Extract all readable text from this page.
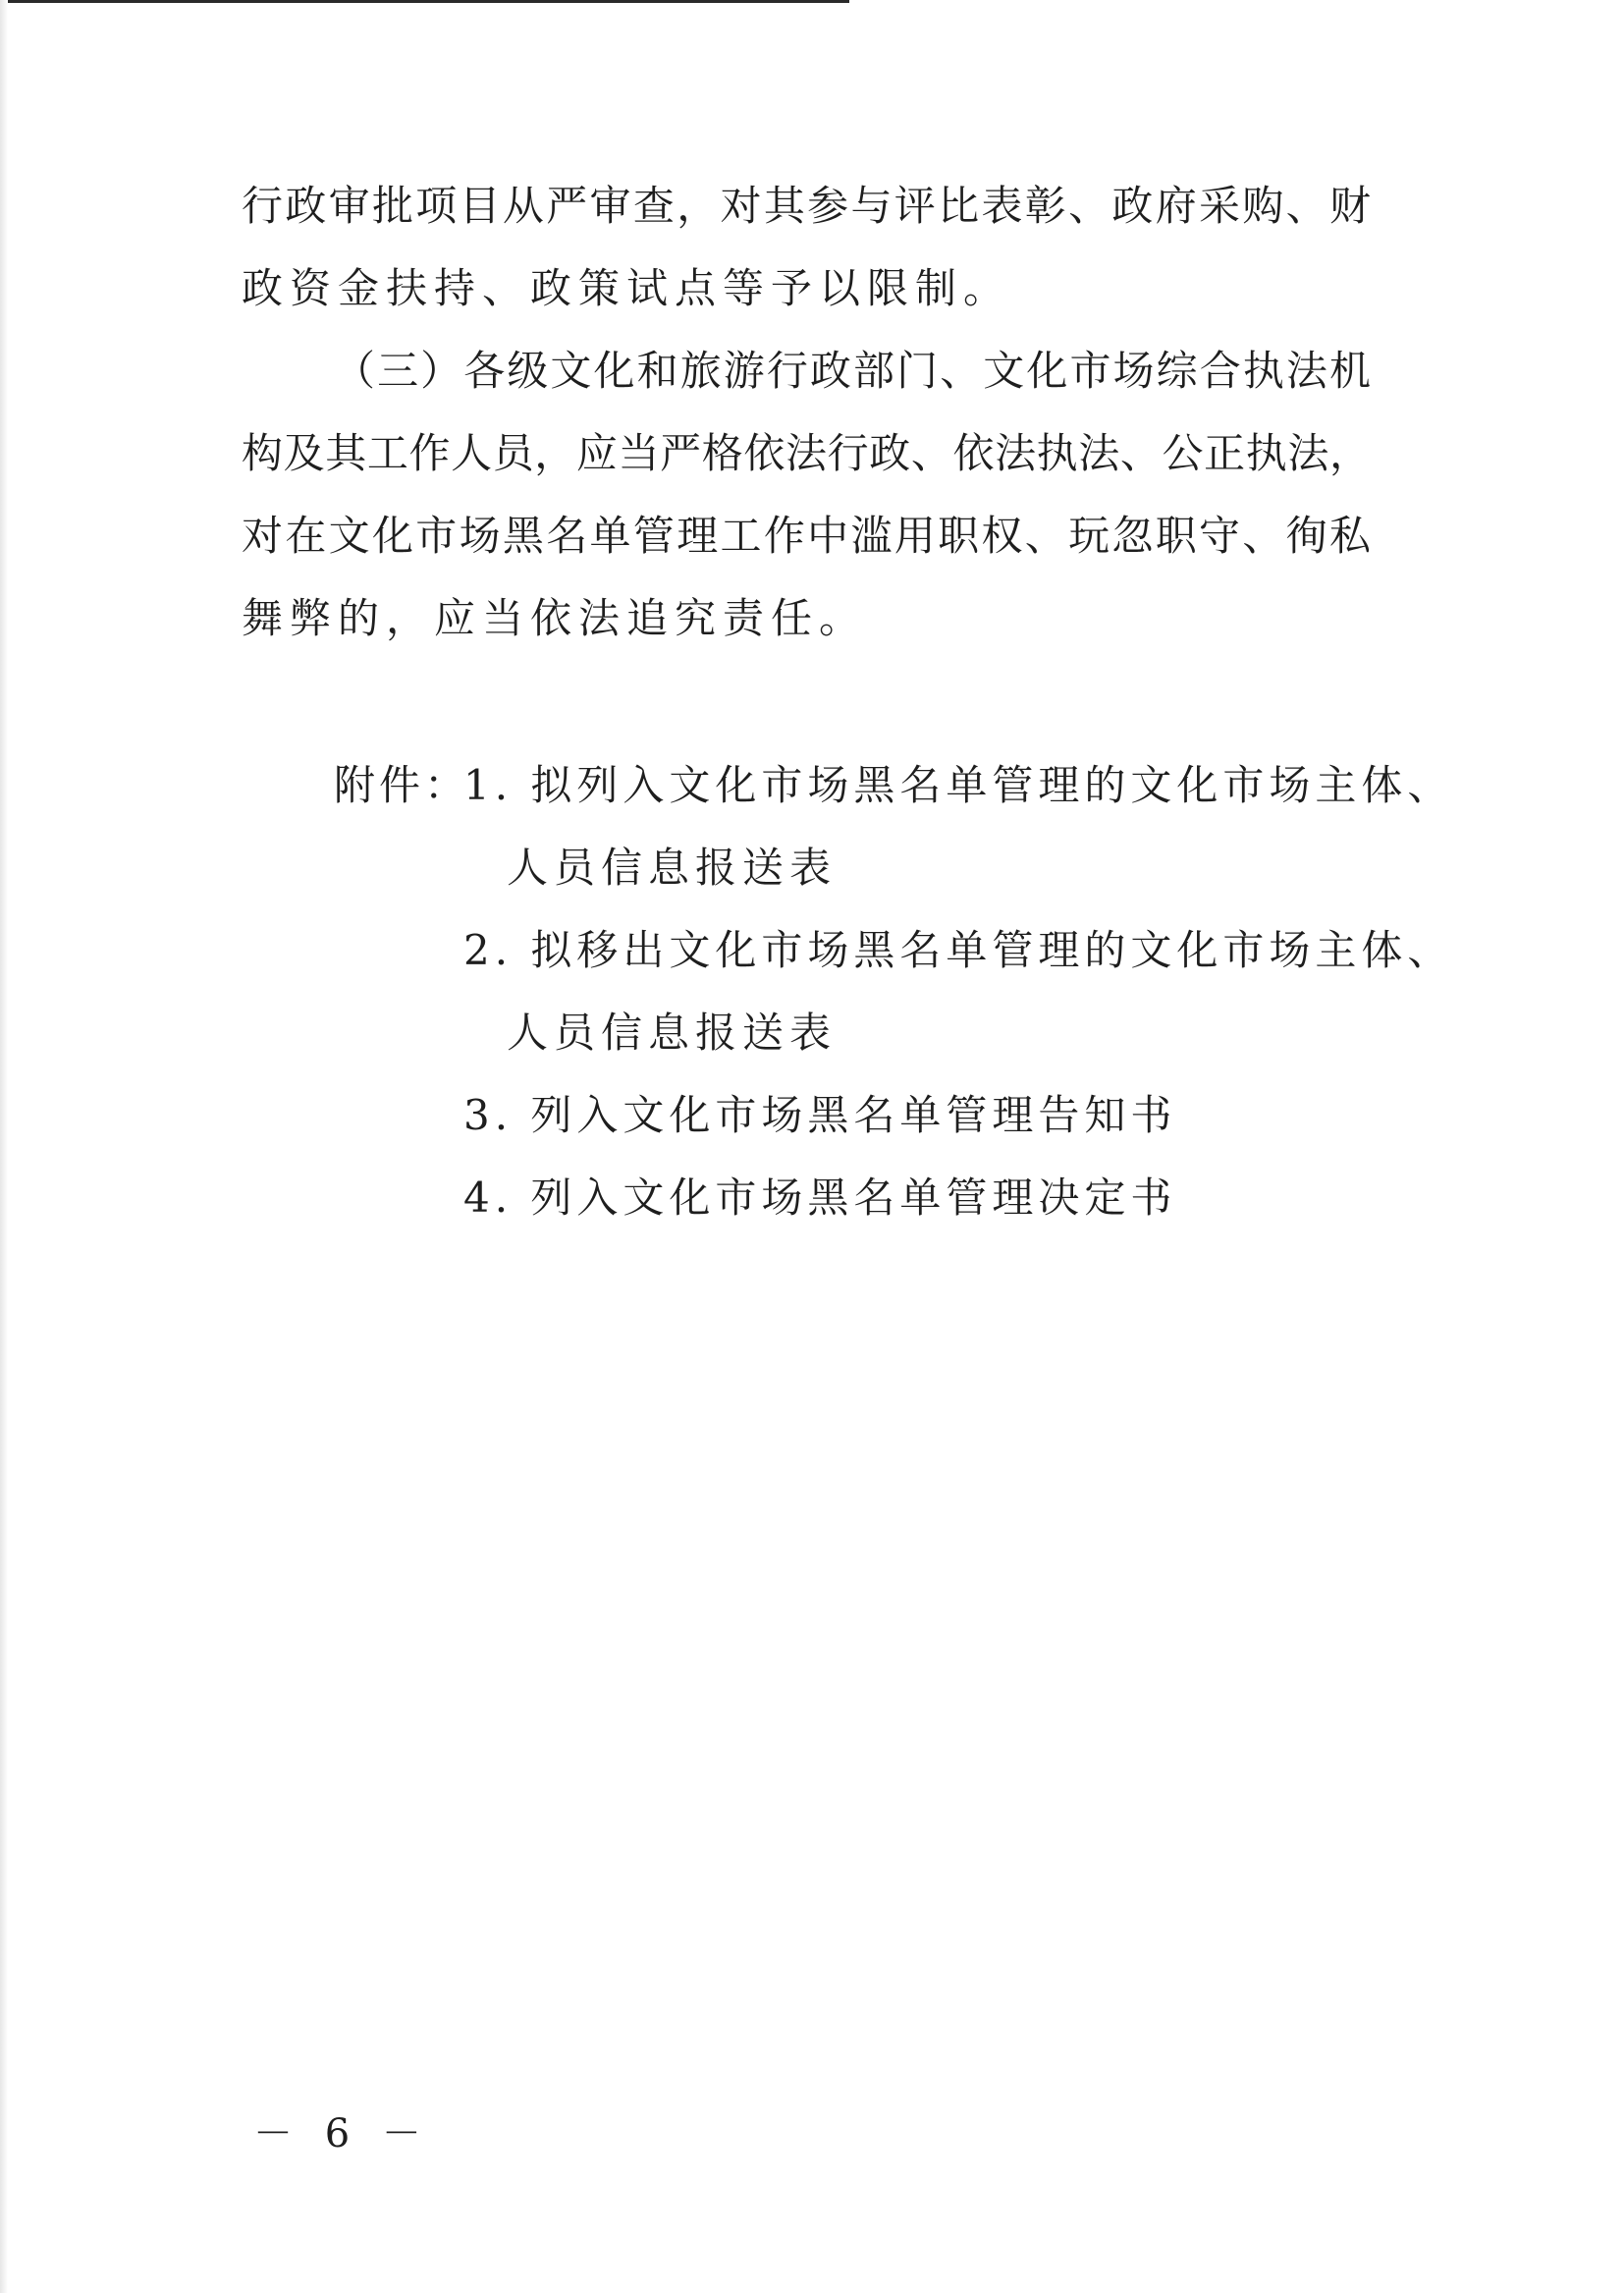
行政审批项目从严审查，对其参与评比表彰、政府采购、财
政资金扶持、政策试点等予以限制。
（三）各级文化和旅游行政部门、文化市场综合执法机
构及其工作人员，应当严格依法行政、依法执法、公正执法，
对在文化市场黑名单管理工作中滥用职权、玩忽职守、徇私
舞弊的，应当依法追究责任。
附件：
1. 拟列入文化市场黑名单管理的文化市场主体、
人员信息报送表
2. 拟移出文化市场黑名单管理的文化市场主体、
人员信息报送表
3. 列入文化市场黑名单管理告知书
4. 列入文化市场黑名单管理决定书
－ 6 －
